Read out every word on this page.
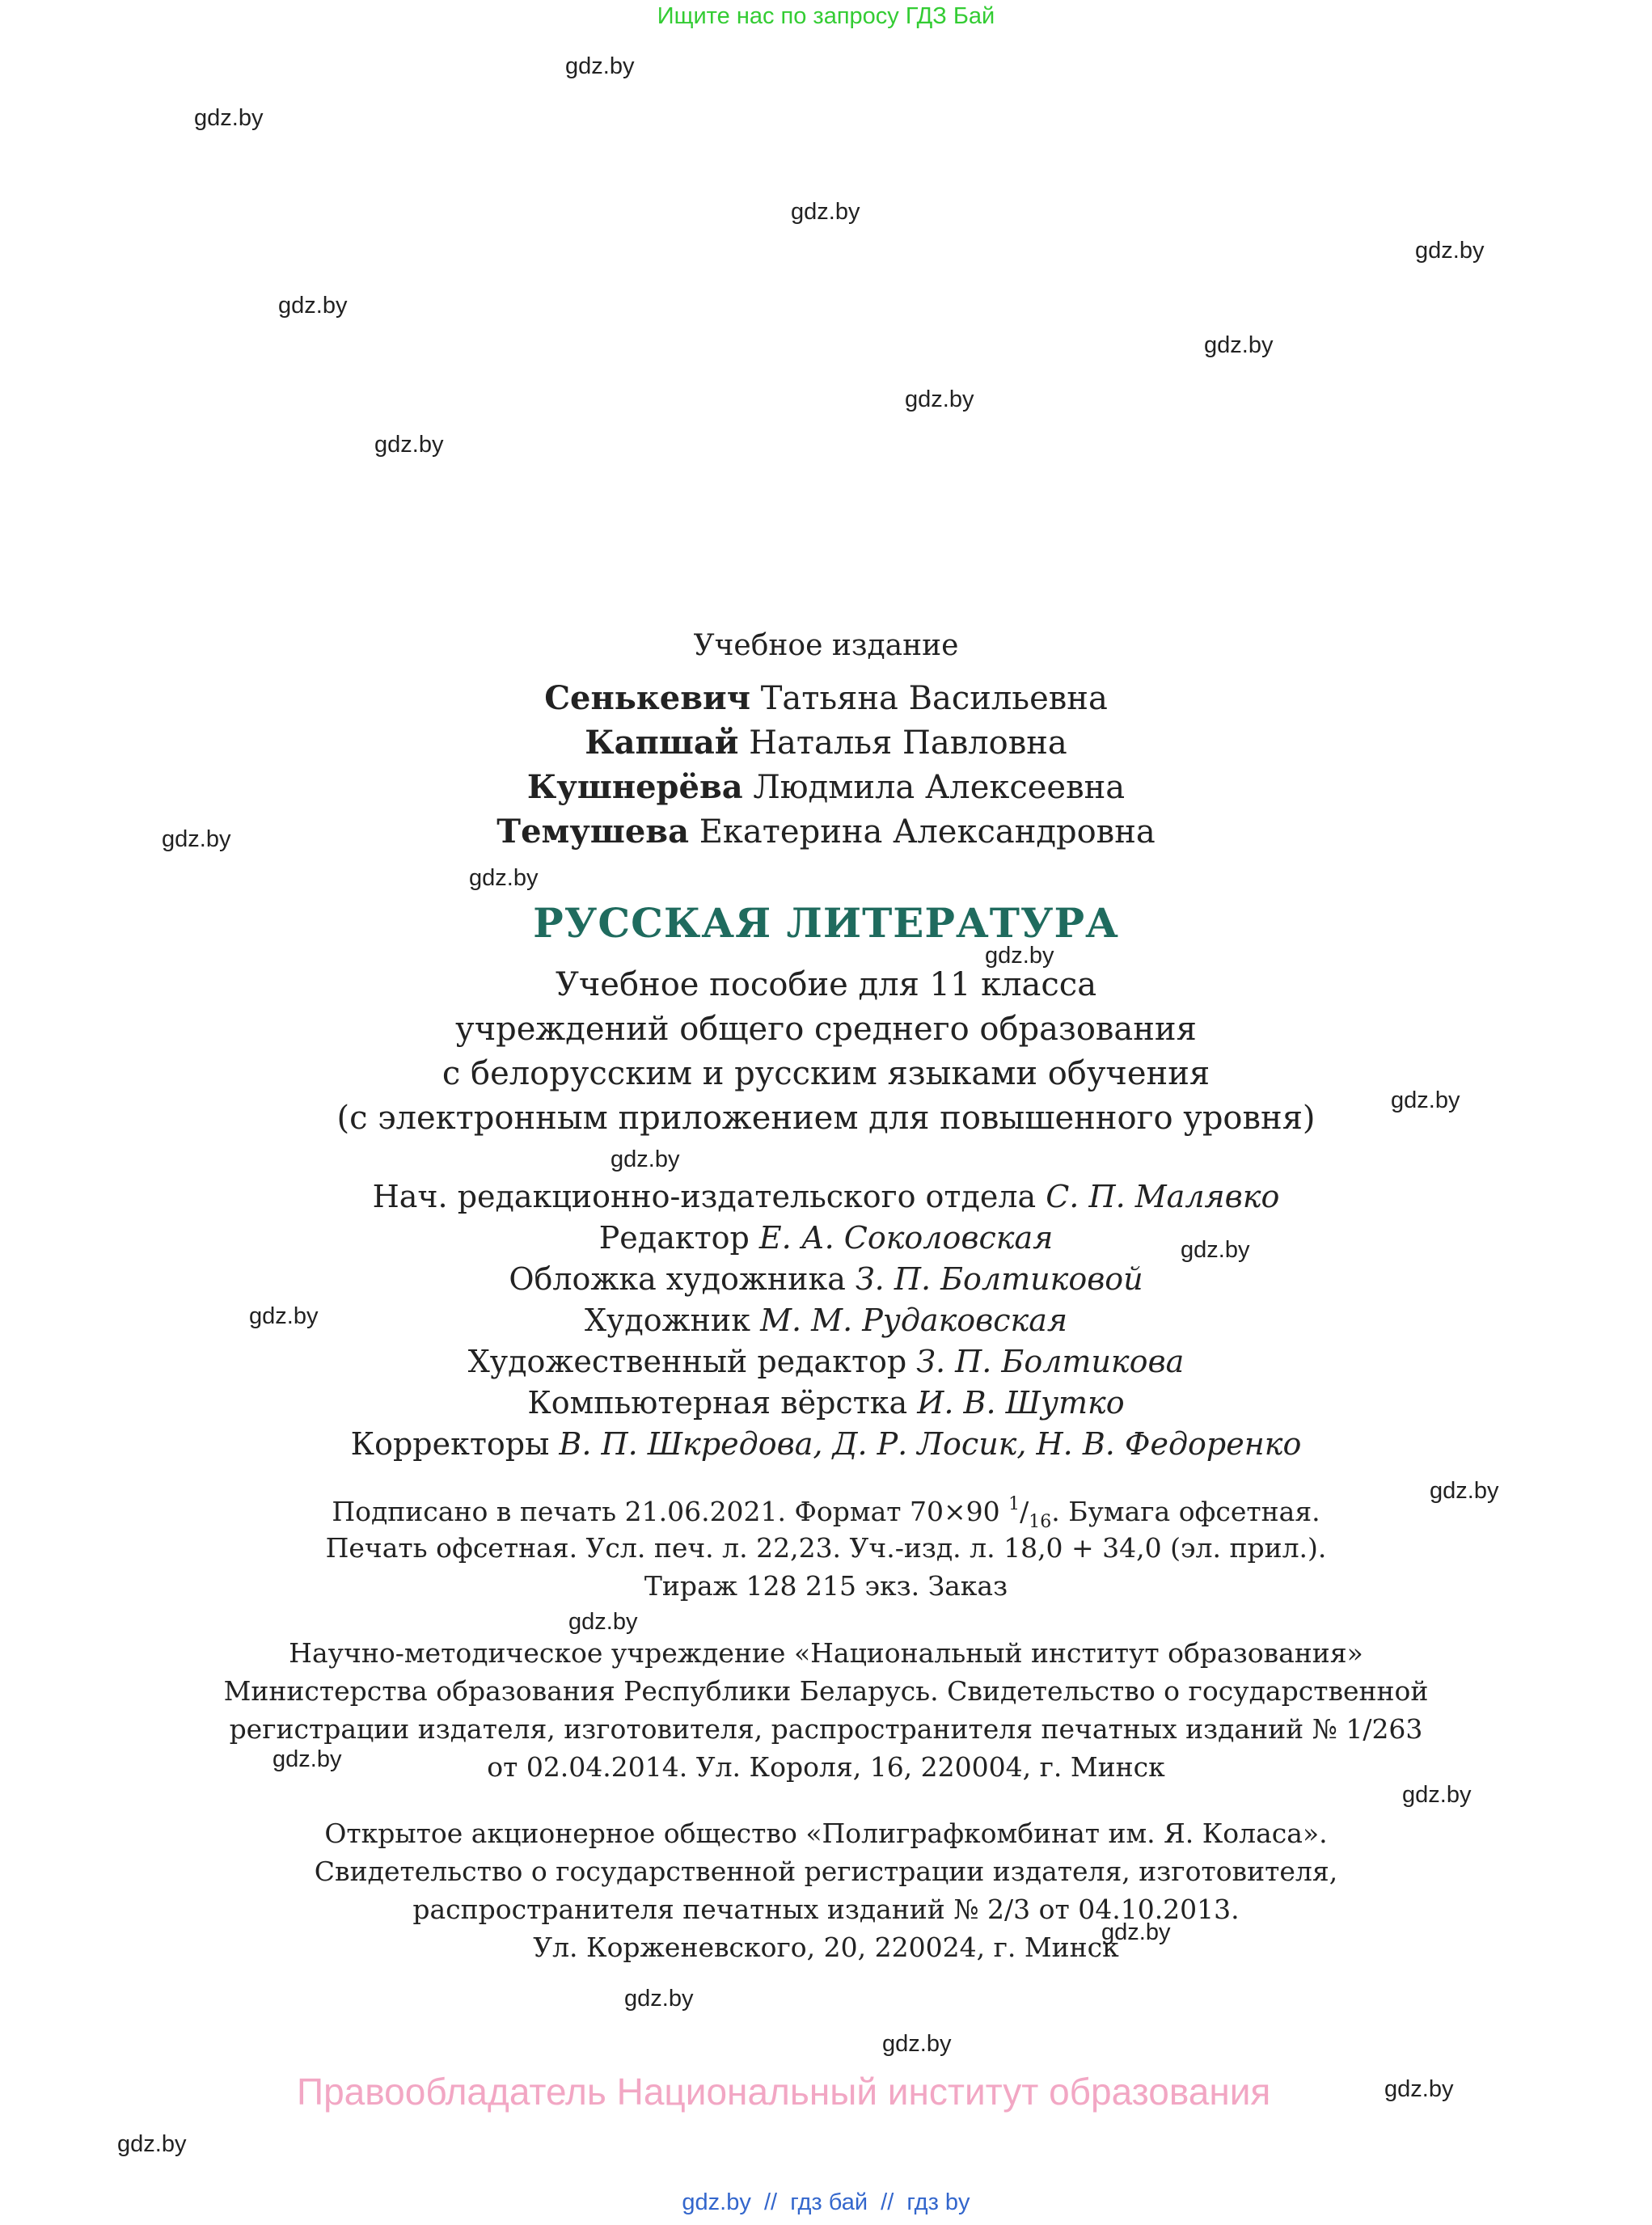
Ищите нас по запросу ГДЗ Бай
gdz.by
gdz.by
gdz.by
gdz.by
gdz.by
gdz.by
gdz.by
gdz.by
gdz.by
gdz.by
gdz.by
gdz.by
gdz.by
gdz.by
gdz.by
gdz.by
gdz.by
gdz.by
gdz.by
gdz.by
gdz.by
gdz.by
gdz.by
gdz.by
Учебное издание
Сенькевич Татьяна Васильевна
Капшай Наталья Павловна
Кушнерёва Людмила Алексеевна
Темушева Екатерина Александровна
РУССКАЯ ЛИТЕРАТУРА
Учебное пособие для 11 класса
учреждений общего среднего образования
с белорусским и русским языками обучения
(с электронным приложением для повышенного уровня)
Нач. редакционно-издательского отдела С. П. Малявко
Редактор Е. А. Соколовская
Обложка художника З. П. Болтиковой
Художник М. М. Рудаковская
Художественный редактор З. П. Болтикова
Компьютерная вёрстка И. В. Шутко
Корректоры В. П. Шкредова, Д. Р. Лосик, Н. В. Федоренко
Подписано в печать 21.06.2021. Формат 70×90 $^1/_{16}$. Бумага офсетная.
Печать офсетная. Усл. печ. л. 22,23. Уч.-изд. л. 18,0 + 34,0 (эл. прил.).
Тираж 128 215 экз. Заказ
Научно-методическое учреждение «Национальный институт образования»
Министерства образования Республики Беларусь. Свидетельство о государственной
регистрации издателя, изготовителя, распространителя печатных изданий № 1/263
от 02.04.2014. Ул. Короля, 16, 220004, г. Минск
Открытое акционерное общество «Полиграфкомбинат им. Я. Коласа».
Свидетельство о государственной регистрации издателя, изготовителя,
распространителя печатных изданий № 2/3 от 04.10.2013.
Ул. Корженевского, 20, 220024, г. Минск
Правообладатель Национальный институт образования
gdz.by  //  гдз бай  //  гдз by
